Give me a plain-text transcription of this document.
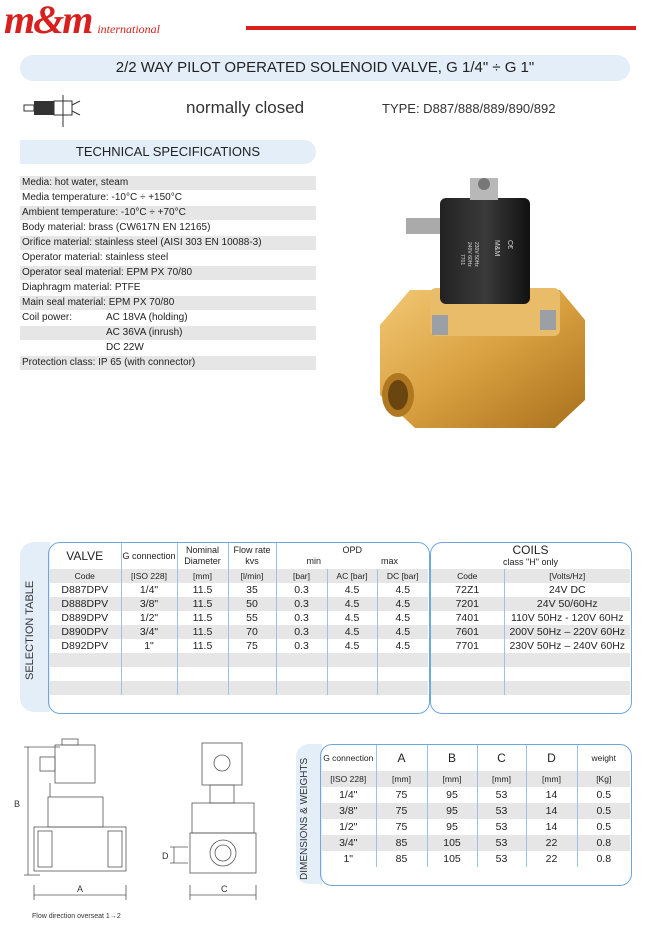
m&m international
2/2 WAY PILOT OPERATED SOLENOID VALVE, G 1/4" ÷ G 1"
normally closed	TYPE: D887/888/889/890/892
TECHNICAL SPECIFICATIONS
Media: hot water, steam
Media temperature: -10°C ÷ +150°C
Ambient temperature: -10°C ÷ +70°C
Body material: brass (CW617N EN 12165)
Orifice material: stainless steel (AISI 303 EN 10088-3)
Operator material: stainless steel
Operator seal material: EPM PX 70/80
Diaphragm material: PTFE
Main seal material: EPM PX 70/80
Coil power:	AC 18VA (holding)
AC 36VA (inrush)
DC 22W
Protection class: IP 65 (with connector)
M&M
230V 50Hz
240V 60Hz
7701
C€
SELECTION TABLE
VALVE	G connection	Nominal Diameter	Flow rate kvs	OPD
min max		

Code	[ISO 228]	[mm]	[l/min]	[bar]	AC [bar]	DC [bar]
D887DPV	1/4"	11.5	35	0.3	4.5	4.5
D888DPV	3/8"	11.5	50	0.3	4.5	4.5
D889DPV	1/2"	11.5	55	0.3	4.5	4.5
D890DPV	3/4"	11.5	70	0.3	4.5	4.5
D892DPV	1"	11.5	75	0.3	4.5	4.5

COILS
class "H" only	

Code	[Volts/Hz]
72Z1	24V DC
7201	24V 50/60Hz
7401	110V 50Hz - 120V 60Hz
7601	200V 50Hz – 220V 60Hz
7701	230V 50Hz – 240V 60Hz

B
A	C
D
Flow direction overseat 1→2
DIMENSIONS & WEIGHTS
G connection	A	B	C	D	weight
[ISO 228]	[mm]	[mm]	[mm]	[mm]	[Kg]
1/4"	75	95	53	14	0.5
3/8"	75	95	53	14	0.5
1/2"	75	95	53	14	0.5
3/4"	85	105	53	22	0.8
1"	85	105	53	22	0.8
